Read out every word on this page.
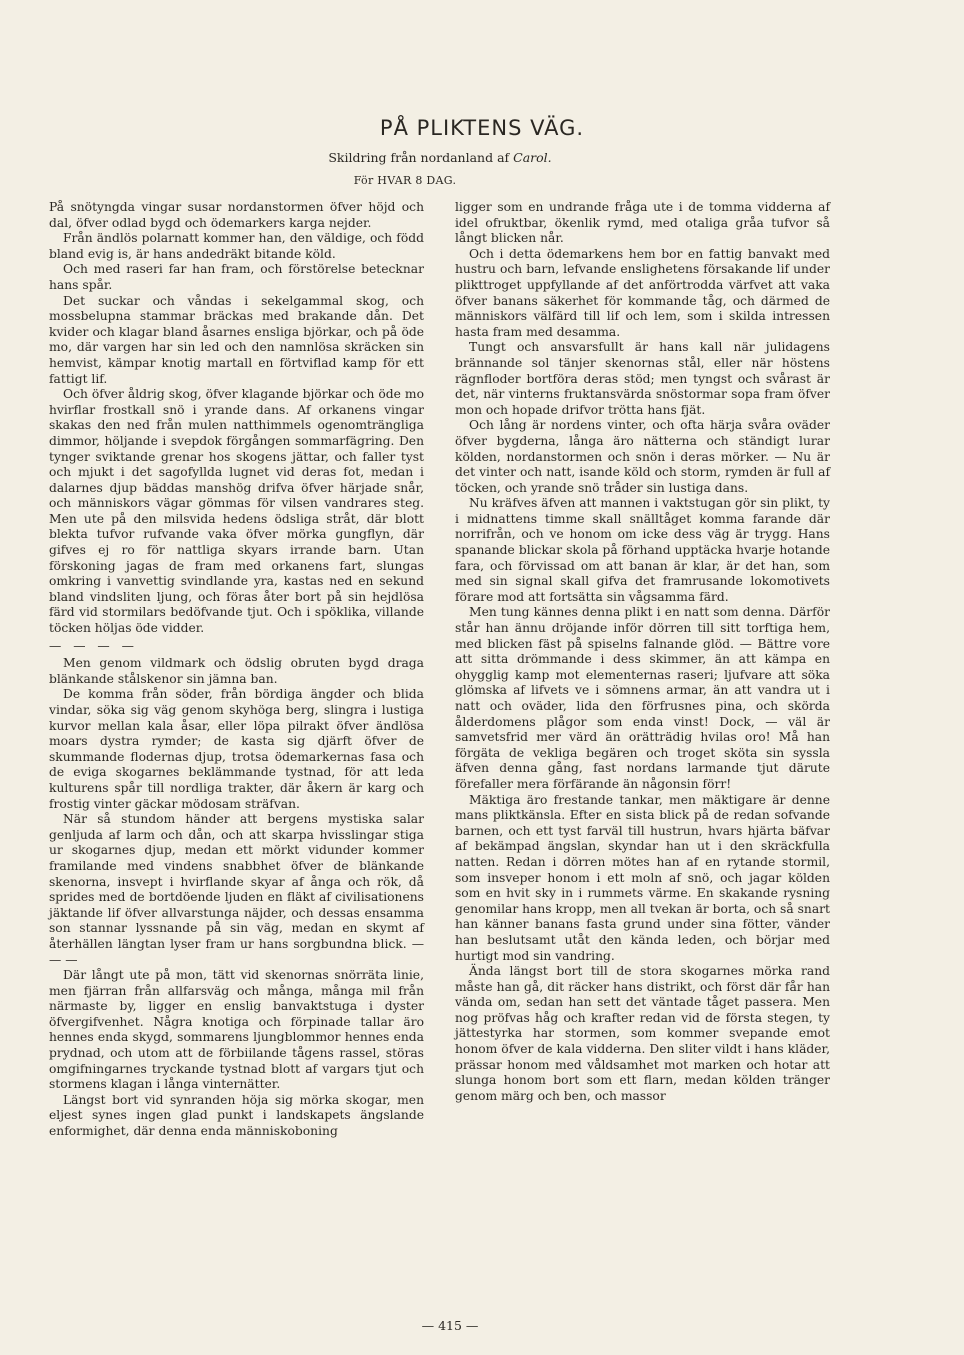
PÅ PLIKTENS VÄG.

Skildring från nordanland af Carol.

För HVAR 8 DAG.

På snötyngda vingar susar nordanstormen öfver höjd och dal, öfver odlad bygd och ödemarkers karga nejder.

Från ändlös polarnatt kommer han, den väldige, och född bland evig is, är hans andedräkt bitande köld.

Och med raseri far han fram, och förstörelse betecknar hans spår.

Det suckar och våndas i sekelgammal skog, och mossbelupna stammar bräckas med brakande dån. Det kvider och klagar bland åsarnes ensliga björkar, och på öde mo, där vargen har sin led och den namnlösa skräcken sin hemvist, kämpar knotig martall en förtviflad kamp för ett fattigt lif.

Och öfver åldrig skog, öfver klagande björkar och öde mo hvirflar frostkall snö i yrande dans. Af orkanens vingar skakas den ned från mulen natthimmels ogenomträngliga dimmor, höljande i svepdok förgången sommarfägring. Den tynger sviktande grenar hos skogens jättar, och faller tyst och mjukt i det sagofyllda lugnet vid deras fot, medan i dalarnes djup bäddas manshög drifva öfver härjade snår, och människors vägar gömmas för vilsen vandrares steg. Men ute på den milsvida hedens ödsliga stråt, där blott blekta tufvor rufvande vaka öfver mörka gungflyn, där gifves ej ro för nattliga skyars irrande barn. Utan förskoning jagas de fram med orkanens fart, slungas omkring i vanvettig svindlande yra, kastas ned en sekund bland vindsliten ljung, och föras åter bort på sin hejdlösa färd vid stormilars bedöfvande tjut. Och i spöklika, villande töcken höljas öde vidder.

— — — —

Men genom vildmark och ödslig obruten bygd draga blänkande stålskenor sin jämna ban.

De komma från söder, från bördiga ängder och blida vindar, söka sig väg genom skyhöga berg, slingra i lustiga kurvor mellan kala åsar, eller löpa pilrakt öfver ändlösa moars dystra rymder; de kasta sig djärft öfver de skummande flodernas djup, trotsa ödemarkernas fasa och de eviga skogarnes beklämmande tystnad, för att leda kulturens spår till nordliga trakter, där åkern är karg och frostig vinter gäckar mödosam sträfvan.

När så stundom händer att bergens mystiska salar genljuda af larm och dån, och att skarpa hvisslingar stiga ur skogarnes djup, medan ett mörkt vidunder kommer framilande med vindens snabbhet öfver de blänkande skenorna, insvept i hvirflande skyar af ånga och rök, då sprides med de bortdöende ljuden en fläkt af civilisationens jäktande lif öfver allvarstunga näjder, och dessas ensamma son stannar lyssnande på sin väg, medan en skymt af återhällen längtan lyser fram ur hans sorgbundna blick. — — —

Där långt ute på mon, tätt vid skenornas snörräta linie, men fjärran från allfarsväg och många, många mil från närmaste by, ligger en enslig banvaktstuga i dyster öfvergifvenhet. Några knotiga och förpinade tallar äro hennes enda skygd, sommarens ljungblommor hennes enda prydnad, och utom att de förbiilande tågens rassel, störas omgifningarnes tryckande tystnad blott af vargars tjut och stormens klagan i långa vinternätter.

Längst bort vid synranden höja sig mörka skogar, men eljest synes ingen glad punkt i landskapets ängslande enformighet, där denna enda människoboning

ligger som en undrande fråga ute i de tomma vidderna af idel ofruktbar, ökenlik rymd, med otaliga gråa tufvor så långt blicken når.

Och i detta ödemarkens hem bor en fattig banvakt med hustru och barn, lefvande enslighetens försakande lif under plikttroget uppfyllande af det anförtrodda värfvet att vaka öfver banans säkerhet för kommande tåg, och därmed de människors välfärd till lif och lem, som i skilda intressen hasta fram med desamma.

Tungt och ansvarsfullt är hans kall när julidagens brännande sol tänjer skenornas stål, eller när höstens rägnfloder bortföra deras stöd; men tyngst och svårast är det, när vinterns fruktansvärda snöstormar sopa fram öfver mon och hopade drifvor trötta hans fjät.

Och lång är nordens vinter, och ofta härja svåra oväder öfver bygderna, långa äro nätterna och ständigt lurar kölden, nordanstormen och snön i deras mörker. — Nu är det vinter och natt, isande köld och storm, rymden är full af töcken, och yrande snö tråder sin lustiga dans.

Nu kräfves äfven att mannen i vaktstugan gör sin plikt, ty i midnattens timme skall snälltåget komma farande där norrifrån, och ve honom om icke dess väg är trygg. Hans spanande blickar skola på förhand upptäcka hvarje hotande fara, och förvissad om att banan är klar, är det han, som med sin signal skall gifva det framrusande lokomotivets förare mod att fortsätta sin vågsamma färd.

Men tung kännes denna plikt i en natt som denna. Därför står han ännu dröjande inför dörren till sitt torftiga hem, med blicken fäst på spiselns falnande glöd. — Bättre vore att sitta drömmande i dess skimmer, än att kämpa en ohygglig kamp mot elementernas raseri; ljufvare att söka glömska af lifvets ve i sömnens armar, än att vandra ut i natt och oväder, lida den förfrusnes pina, och skörda ålderdomens plågor som enda vinst! Dock, — väl är samvetsfrid mer värd än orätträdig hvilas oro! Må han förgäta de vekliga begären och troget sköta sin syssla äfven denna gång, fast nordans larmande tjut därute förefaller mera förfärande än någonsin förr!

Mäktiga äro frestande tankar, men mäktigare är denne mans pliktkänsla. Efter en sista blick på de redan sofvande barnen, och ett tyst farväl till hustrun, hvars hjärta bäfvar af bekämpad ängslan, skyndar han ut i den skräckfulla natten. Redan i dörren mötes han af en rytande stormil, som insveper honom i ett moln af snö, och jagar kölden som en hvit sky in i rummets värme. En skakande rysning genomilar hans kropp, men all tvekan är borta, och så snart han känner banans fasta grund under sina fötter, vänder han beslutsamt utåt den kända leden, och börjar med hurtigt mod sin vandring.

Ända längst bort till de stora skogarnes mörka rand måste han gå, dit räcker hans distrikt, och först där får han vända om, sedan han sett det väntade tåget passera. Men nog pröfvas håg och krafter redan vid de första stegen, ty jättestyrka har stormen, som kommer svepande emot honom öfver de kala vidderna. Den sliter vildt i hans kläder, prässar honom med våldsamhet mot marken och hotar att slunga honom bort som ett flarn, medan kölden tränger genom märg och ben, och massor

— 415 —
